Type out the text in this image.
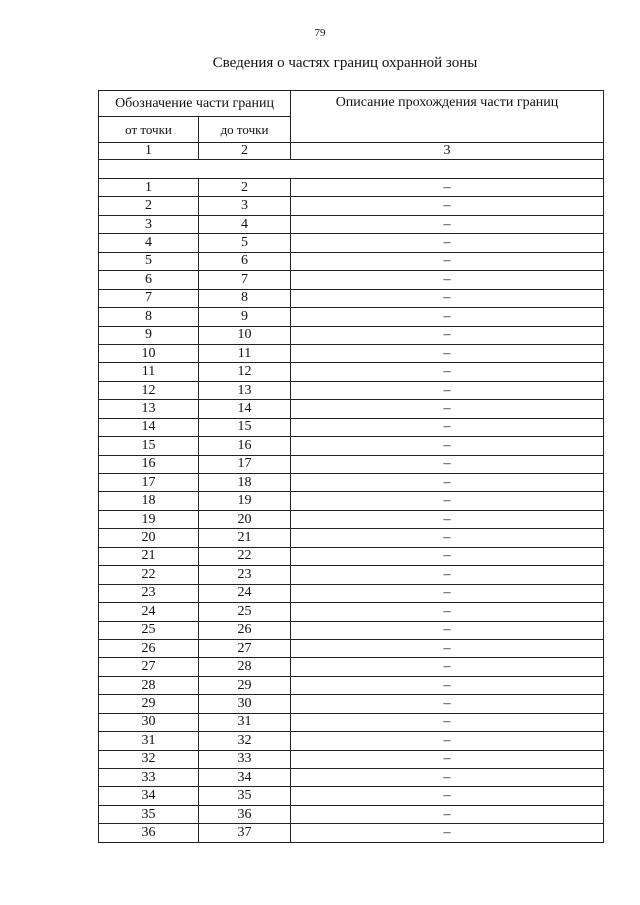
79
Сведения о частях границ охранной зоны
Обозначение части границ		Описание прохождения части границ
от точки	до точки	
1	2	3

1	2	–
2	3	–
3	4	–
4	5	–
5	6	–
6	7	–
7	8	–
8	9	–
9	10	–
10	11	–
11	12	–
12	13	–
13	14	–
14	15	–
15	16	–
16	17	–
17	18	–
18	19	–
19	20	–
20	21	–
21	22	–
22	23	–
23	24	–
24	25	–
25	26	–
26	27	–
27	28	–
28	29	–
29	30	–
30	31	–
31	32	–
32	33	–
33	34	–
34	35	–
35	36	–
36	37	–
